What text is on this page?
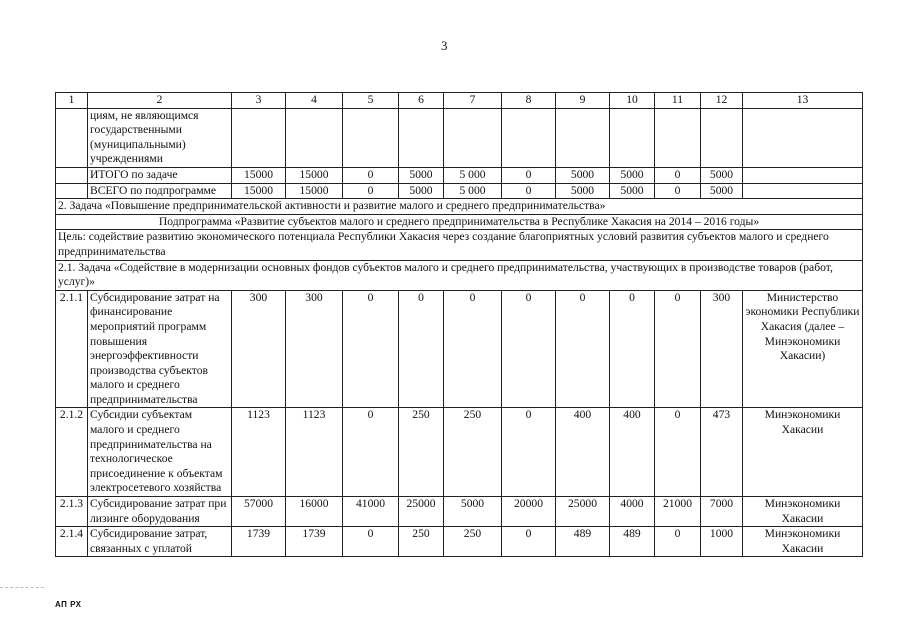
3
1	2	3	4	5	6	7	8	9	10	11	12	13
	циям, не являющимся государственными (муниципальными) учреждениями											
	ИТОГО по задаче	15000	15000	0	5000	5 000	0	5000	5000	0	5000	
	ВСЕГО по подпрограмме	15000	15000	0	5000	5 000	0	5000	5000	0	5000	
2. Задача «Повышение предпринимательской активности и развитие малого и среднего предпринимательства»												
Подпрограмма «Развитие субъектов малого и среднего предпринимательства в Республике Хакасия на 2014 – 2016 годы»												
Цель: содействие развитию экономического потенциала Республики Хакасия через создание благоприятных условий развития субъектов малого и среднего предпринимательства												
2.1. Задача «Содействие в модернизации основных фондов субъектов малого и среднего предпринимательства, участвующих в производстве товаров (работ, услуг)»												
2.1.1	Субсидирование затрат на финансирование мероприятий программ повышения энергоэффективности производства субъектов малого и среднего предпринимательства	300	300	0	0	0	0	0	0	0	300	Министерство экономики Республики Хакасия (далее – Минэкономики Хакасии)
2.1.2	Субсидии субъектам малого и среднего предпринимательства на технологическое присоединение к объектам электросетевого хозяйства	1123	1123	0	250	250	0	400	400	0	473	Минэкономики Хакасии
2.1.3	Субсидирование затрат при лизинге оборудования	57000	16000	41000	25000	5000	20000	25000	4000	21000	7000	Минэкономики Хакасии
2.1.4	Субсидирование затрат, связанных с уплатой	1739	1739	0	250	250	0	489	489	0	1000	Минэкономики Хакасии
АП РХ
